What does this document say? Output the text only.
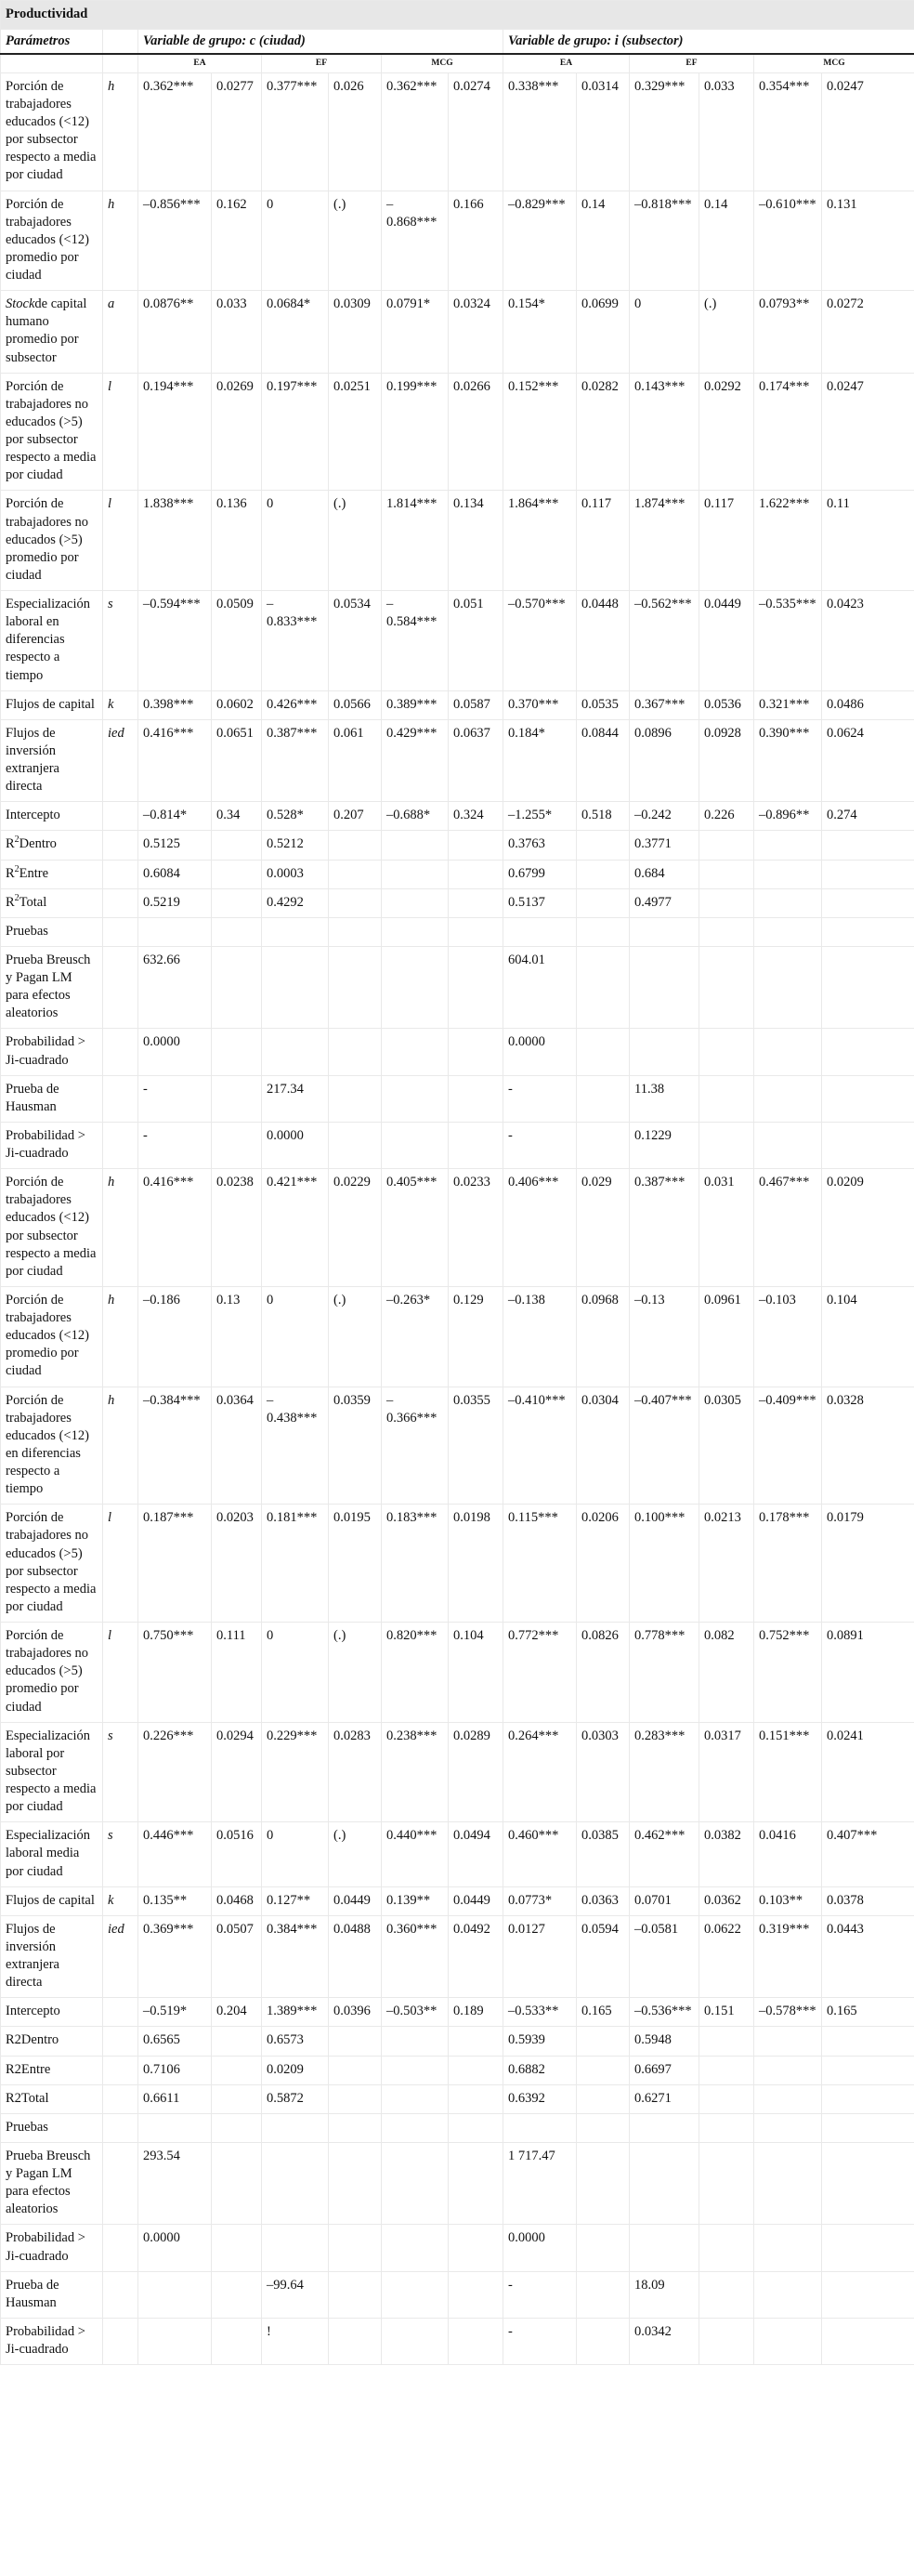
Productividad													
Parámetros		Variable de grupo: c (ciudad)						Variable de grupo: i (subsector)					
		EA		EF		MCG		EA		EF		MCG	
Porción de trabajadores educados (<12) por subsector respecto a media por ciudad	h	0.362***	0.0277	0.377***	0.026	0.362***	0.0274	0.338***	0.0314	0.329***	0.033	0.354***	0.0247
Porción de trabajadores educados (<12) promedio por ciudad	h	–0.856***	0.162	0	(.)	–0.868***	0.166	–0.829***	0.14	–0.818***	0.14	–0.610***	0.131
Stockde capital humano promedio por subsector	a	0.0876**	0.033	0.0684*	0.0309	0.0791*	0.0324	0.154*	0.0699	0	(.)	0.0793**	0.0272
Porción de trabajadores no educados (>5) por subsector respecto a media por ciudad	l	0.194***	0.0269	0.197***	0.0251	0.199***	0.0266	0.152***	0.0282	0.143***	0.0292	0.174***	0.0247
Porción de trabajadores no educados (>5) promedio por ciudad	l	1.838***	0.136	0	(.)	1.814***	0.134	1.864***	0.117	1.874***	0.117	1.622***	0.11
Especialización laboral en diferencias respecto a tiempo	s	–0.594***	0.0509	–0.833***	0.0534	–0.584***	0.051	–0.570***	0.0448	–0.562***	0.0449	–0.535***	0.0423
Flujos de capital	k	0.398***	0.0602	0.426***	0.0566	0.389***	0.0587	0.370***	0.0535	0.367***	0.0536	0.321***	0.0486
Flujos de inversión extranjera directa	ied	0.416***	0.0651	0.387***	0.061	0.429***	0.0637	0.184*	0.0844	0.0896	0.0928	0.390***	0.0624
Intercepto		–0.814*	0.34	0.528*	0.207	–0.688*	0.324	–1.255*	0.518	–0.242	0.226	–0.896**	0.274
$R^2Dentro$		0.5125		0.5212				0.3763		0.3771			
$R^2Entre$		0.6084		0.0003				0.6799		0.684			
$R^2Total$		0.5219		0.4292				0.5137		0.4977			
Pruebas													
Prueba Breusch y Pagan LM para efectos aleatorios		632.66						604.01					
Probabilidad > Ji-cuadrado		0.0000						0.0000					
Prueba de Hausman		-		217.34				-		11.38			
Probabilidad > Ji-cuadrado		-		0.0000				-		0.1229			
Porción de trabajadores educados (<12) por subsector respecto a media por ciudad	h	0.416***	0.0238	0.421***	0.0229	0.405***	0.0233	0.406***	0.029	0.387***	0.031	0.467***	0.0209
Porción de trabajadores educados (<12) promedio por ciudad	h	–0.186	0.13	0	(.)	–0.263*	0.129	–0.138	0.0968	–0.13	0.0961	–0.103	0.104
Porción de trabajadores educados (<12) en diferencias respecto a tiempo	h	–0.384***	0.0364	–0.438***	0.0359	–0.366***	0.0355	–0.410***	0.0304	–0.407***	0.0305	–0.409***	0.0328
Porción de trabajadores no educados (>5) por subsector respecto a media por ciudad	l	0.187***	0.0203	0.181***	0.0195	0.183***	0.0198	0.115***	0.0206	0.100***	0.0213	0.178***	0.0179
Porción de trabajadores no educados (>5) promedio por ciudad	l	0.750***	0.111	0	(.)	0.820***	0.104	0.772***	0.0826	0.778***	0.082	0.752***	0.0891
Especialización laboral por subsector respecto a media por ciudad	s	0.226***	0.0294	0.229***	0.0283	0.238***	0.0289	0.264***	0.0303	0.283***	0.0317	0.151***	0.0241
Especialización laboral media por ciudad	s	0.446***	0.0516	0	(.)	0.440***	0.0494	0.460***	0.0385	0.462***	0.0382	0.0416	0.407***
Flujos de capital	k	0.135**	0.0468	0.127**	0.0449	0.139**	0.0449	0.0773*	0.0363	0.0701	0.0362	0.103**	0.0378
Flujos de inversión extranjera directa	ied	0.369***	0.0507	0.384***	0.0488	0.360***	0.0492	0.0127	0.0594	–0.0581	0.0622	0.319***	0.0443
Intercepto		–0.519*	0.204	1.389***	0.0396	–0.503**	0.189	–0.533**	0.165	–0.536***	0.151	–0.578***	0.165
R2Dentro		0.6565		0.6573				0.5939		0.5948			
R2Entre		0.7106		0.0209				0.6882		0.6697			
R2Total		0.6611		0.5872				0.6392		0.6271			
Pruebas													
Prueba Breusch y Pagan LM para efectos aleatorios		293.54						1 717.47					
Probabilidad > Ji-cuadrado		0.0000						0.0000					
Prueba de Hausman				–99.64				-		18.09			
Probabilidad > Ji-cuadrado				!				-		0.0342			
